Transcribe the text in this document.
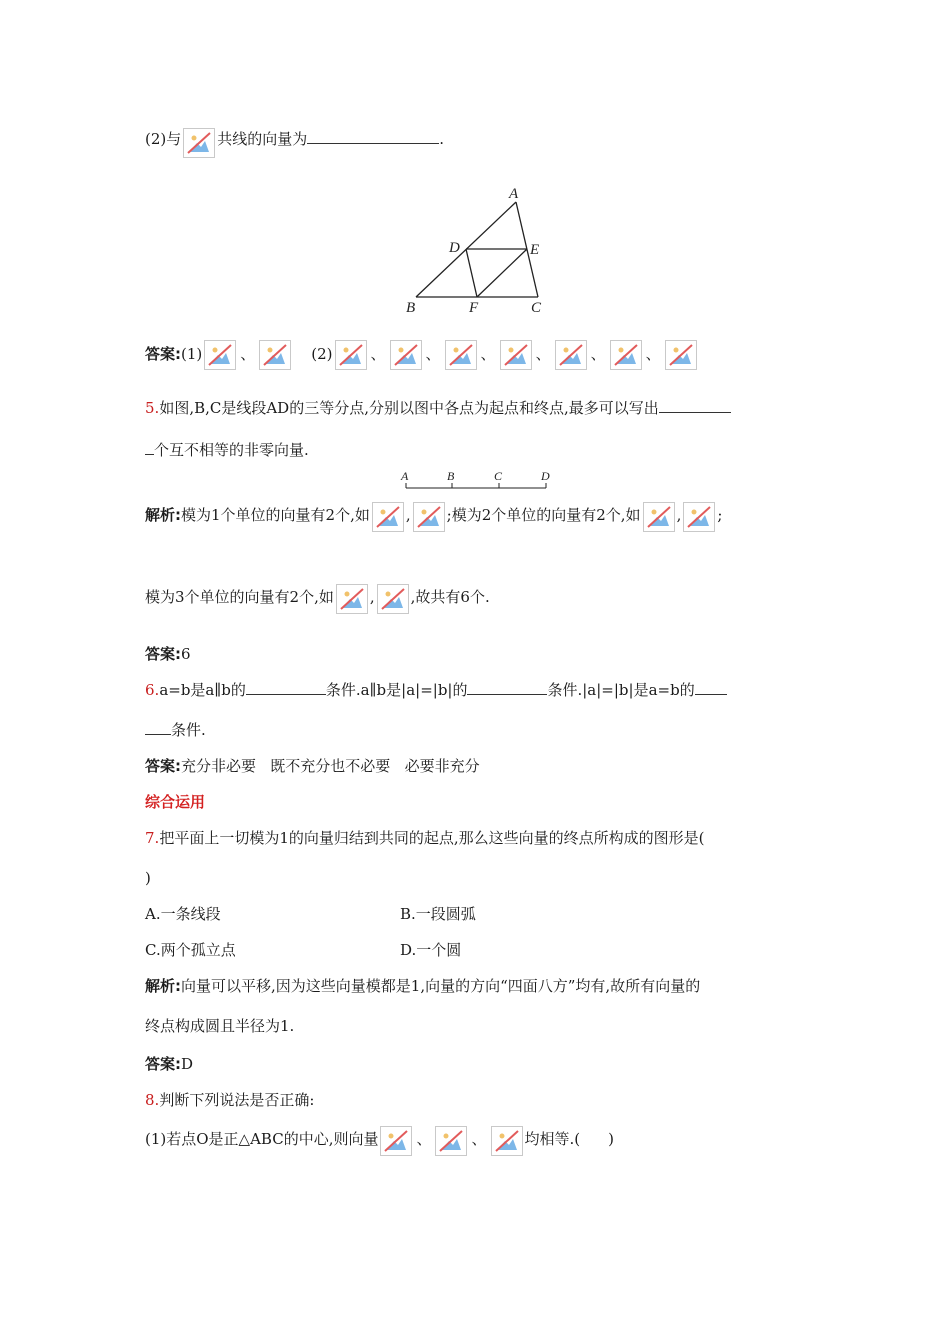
(2)与 共线的向量为	.
A
D	E
B	F	C
答案:(1)	、	(2)	、	、	、	、	、	、
5.如图,B,C是线段AD的三等分点,分别以图中各点为起点和终点,最多可以写出
个互不相等的非零向量.
A	B	C	D
解析:模为1个单位的向量有2个,如 , ;模为2个单位的向量有2个,如 , ;
模为3个单位的向量有2个,如 , ,故共有6个.
答案:6
6.a=b是a∥b的	条件.a∥b是|a|=|b|的	条件.|a|=|b|是a=b的
条件.
答案:充分非必要   既不充分也不必要   必要非充分
综合运用
7.把平面上一切模为1的向量归结到共同的起点,那么这些向量的终点所构成的图形是(
)
A.一条线段	B.一段圆弧
C.两个孤立点	D.一个圆
解析:向量可以平移,因为这些向量模都是1,向量的方向“四面八方”均有,故所有向量的
终点构成圆且半径为1.
答案:D
8.判断下列说法是否正确:
(1)若点O是正△ABC的中心,则向量	、	、	均相等.( )
